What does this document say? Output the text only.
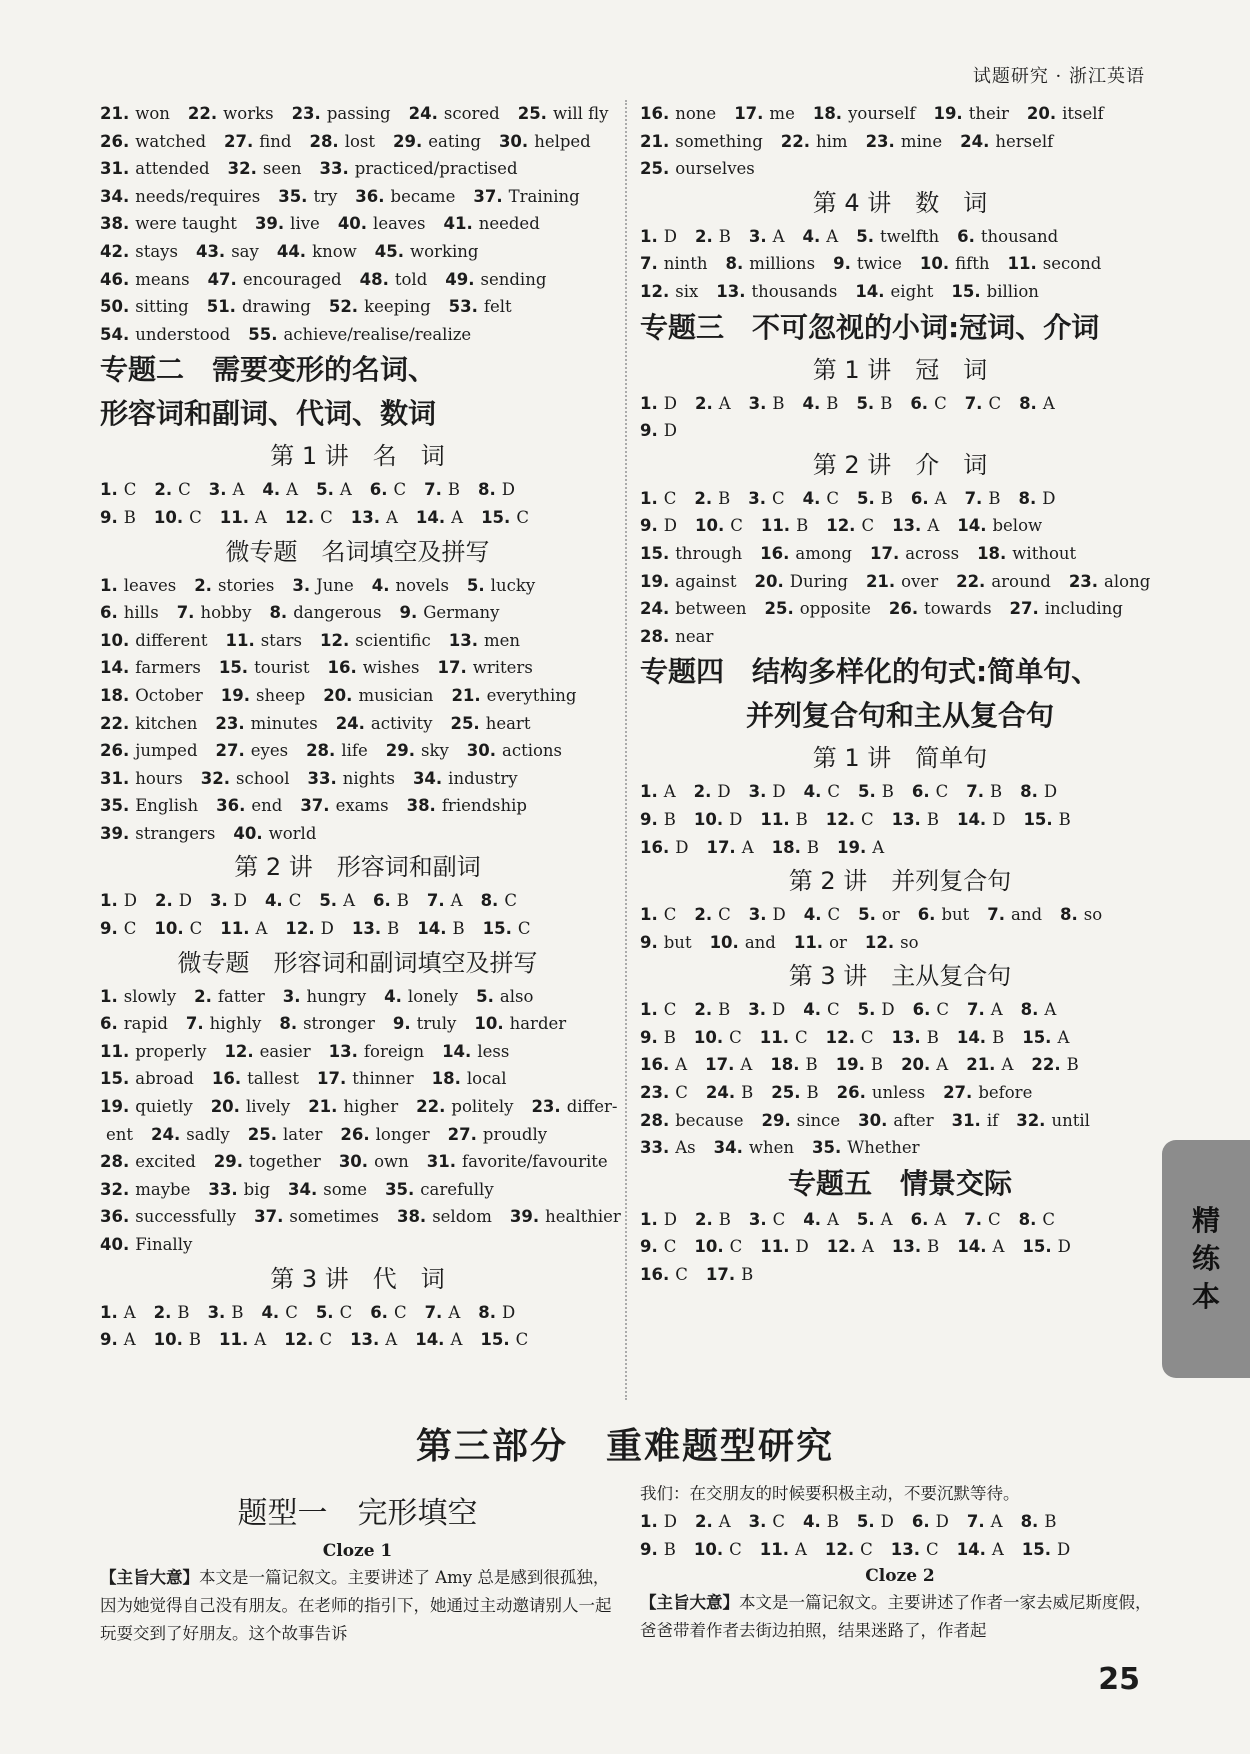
试题研究 · 浙江英语
21. won 22. works 23. passing 24. scored 25. will fly
26. watched 27. find 28. lost 29. eating 30. helped
31. attended 32. seen 33. practiced/practised
34. needs/requires 35. try 36. became 37. Training
38. were taught 39. live 40. leaves 41. needed
42. stays 43. say 44. know 45. working
46. means 47. encouraged 48. told 49. sending
50. sitting 51. drawing 52. keeping 53. felt
54. understood 55. achieve/realise/realize
专题二　需要变形的名词、
形容词和副词、代词、数词
第 1 讲　名　词
1. C 2. C 3. A 4. A 5. A 6. C 7. B 8. D
9. B 10. C 11. A 12. C 13. A 14. A 15. C
微专题　名词填空及拼写
1. leaves 2. stories 3. June 4. novels 5. lucky
6. hills 7. hobby 8. dangerous 9. Germany
10. different 11. stars 12. scientific 13. men
14. farmers 15. tourist 16. wishes 17. writers
18. October 19. sheep 20. musician 21. everything
22. kitchen 23. minutes 24. activity 25. heart
26. jumped 27. eyes 28. life 29. sky 30. actions
31. hours 32. school 33. nights 34. industry
35. English 36. end 37. exams 38. friendship
39. strangers 40. world
第 2 讲　形容词和副词
1. D 2. D 3. D 4. C 5. A 6. B 7. A 8. C
9. C 10. C 11. A 12. D 13. B 14. B 15. C
微专题　形容词和副词填空及拼写
1. slowly 2. fatter 3. hungry 4. lonely 5. also
6. rapid 7. highly 8. stronger 9. truly 10. harder
11. properly 12. easier 13. foreign 14. less
15. abroad 16. tallest 17. thinner 18. local
19. quietly 20. lively 21. higher 22. politely 23. differ-
ent 24. sadly 25. later 26. longer 27. proudly
28. excited 29. together 30. own 31. favorite/favourite
32. maybe 33. big 34. some 35. carefully
36. successfully 37. sometimes 38. seldom 39. healthier
40. Finally
第 3 讲　代　词
1. A 2. B 3. B 4. C 5. C 6. C 7. A 8. D
9. A 10. B 11. A 12. C 13. A 14. A 15. C
16. none 17. me 18. yourself 19. their 20. itself
21. something 22. him 23. mine 24. herself
25. ourselves
第 4 讲　数　词
1. D 2. B 3. A 4. A 5. twelfth 6. thousand
7. ninth 8. millions 9. twice 10. fifth 11. second
12. six 13. thousands 14. eight 15. billion
专题三　不可忽视的小词:冠词、介词
第 1 讲　冠　词
1. D 2. A 3. B 4. B 5. B 6. C 7. C 8. A
9. D
第 2 讲　介　词
1. C 2. B 3. C 4. C 5. B 6. A 7. B 8. D
9. D 10. C 11. B 12. C 13. A 14. below
15. through 16. among 17. across 18. without
19. against 20. During 21. over 22. around 23. along
24. between 25. opposite 26. towards 27. including
28. near
专题四　结构多样化的句式:简单句、
并列复合句和主从复合句
第 1 讲　简单句
1. A 2. D 3. D 4. C 5. B 6. C 7. B 8. D
9. B 10. D 11. B 12. C 13. B 14. D 15. B
16. D 17. A 18. B 19. A
第 2 讲　并列复合句
1. C 2. C 3. D 4. C 5. or 6. but 7. and 8. so
9. but 10. and 11. or 12. so
第 3 讲　主从复合句
1. C 2. B 3. D 4. C 5. D 6. C 7. A 8. A
9. B 10. C 11. C 12. C 13. B 14. B 15. A
16. A 17. A 18. B 19. B 20. A 21. A 22. B
23. C 24. B 25. B 26. unless 27. before
28. because 29. since 30. after 31. if 32. until
33. As 34. when 35. Whether
专题五　情景交际
1. D 2. B 3. C 4. A 5. A 6. A 7. C 8. C
9. C 10. C 11. D 12. A 13. B 14. A 15. D
16. C 17. B
第三部分　重难题型研究
题型一　完形填空
Cloze 1
【主旨大意】本文是一篇记叙文。主要讲述了 Amy 总是感到很孤独，因为她觉得自己没有朋友。在老师的指引下，她通过主动邀请别人一起玩耍交到了好朋友。这个故事告诉
我们：在交朋友的时候要积极主动，不要沉默等待。
1. D 2. A 3. C 4. B 5. D 6. D 7. A 8. B
9. B 10. C 11. A 12. C 13. C 14. A 15. D
Cloze 2
【主旨大意】本文是一篇记叙文。主要讲述了作者一家去威尼斯度假，爸爸带着作者去街边拍照，结果迷路了，作者起
精
练
本
25
